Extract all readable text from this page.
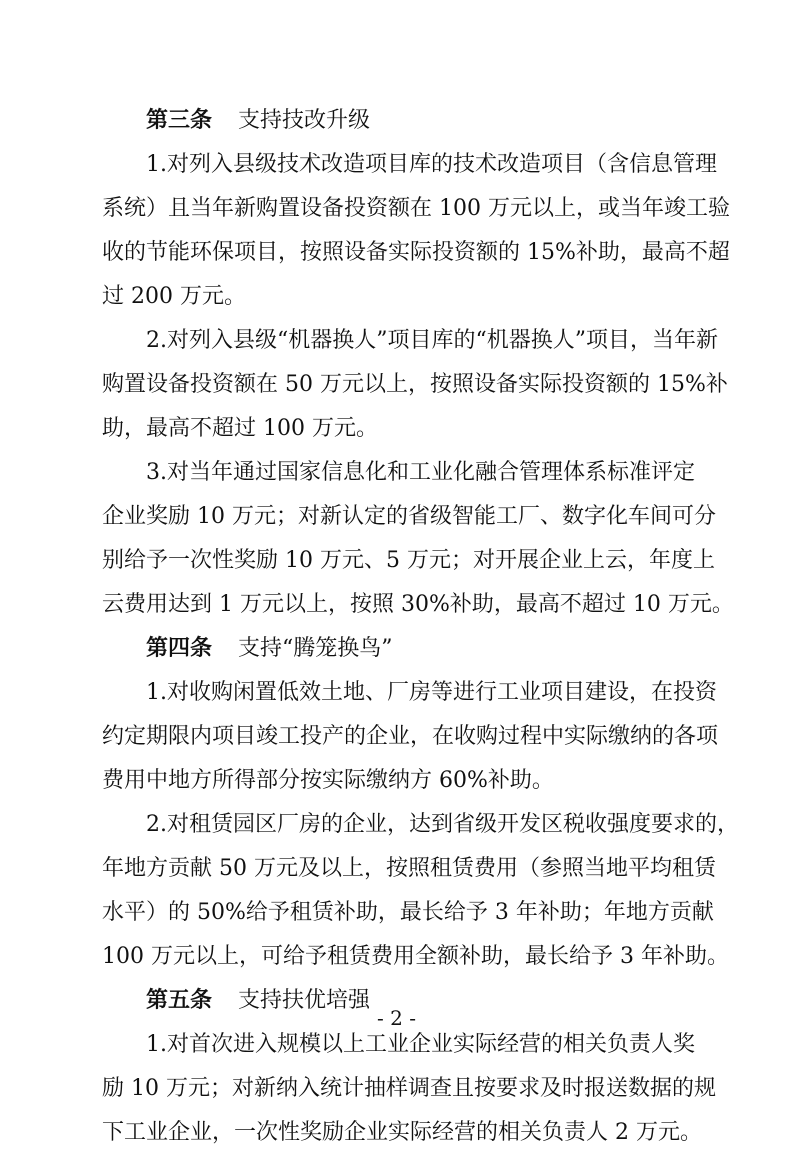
第三条 支持技改升级
1.对列入县级技术改造项目库的技术改造项目（含信息管理
系统）且当年新购置设备投资额在 100 万元以上，或当年竣工验
收的节能环保项目，按照设备实际投资额的 15%补助，最高不超
过 200 万元。
2.对列入县级“机器换人”项目库的“机器换人”项目，当年新
购置设备投资额在 50 万元以上，按照设备实际投资额的 15%补
助，最高不超过 100 万元。
3.对当年通过国家信息化和工业化融合管理体系标准评定
企业奖励 10 万元；对新认定的省级智能工厂、数字化车间可分
别给予一次性奖励 10 万元、5 万元；对开展企业上云，年度上
云费用达到 1 万元以上，按照 30%补助，最高不超过 10 万元。
第四条 支持“腾笼换鸟”
1.对收购闲置低效土地、厂房等进行工业项目建设，在投资
约定期限内项目竣工投产的企业，在收购过程中实际缴纳的各项
费用中地方所得部分按实际缴纳方 60%补助。
2.对租赁园区厂房的企业，达到省级开发区税收强度要求的，
年地方贡献 50 万元及以上，按照租赁费用（参照当地平均租赁
水平）的 50%给予租赁补助，最长给予 3 年补助；年地方贡献
100 万元以上，可给予租赁费用全额补助，最长给予 3 年补助。
第五条 支持扶优培强
1.对首次进入规模以上工业企业实际经营的相关负责人奖
励 10 万元；对新纳入统计抽样调查且按要求及时报送数据的规
下工业企业，一次性奖励企业实际经营的相关负责人 2 万元。
- 2 -
